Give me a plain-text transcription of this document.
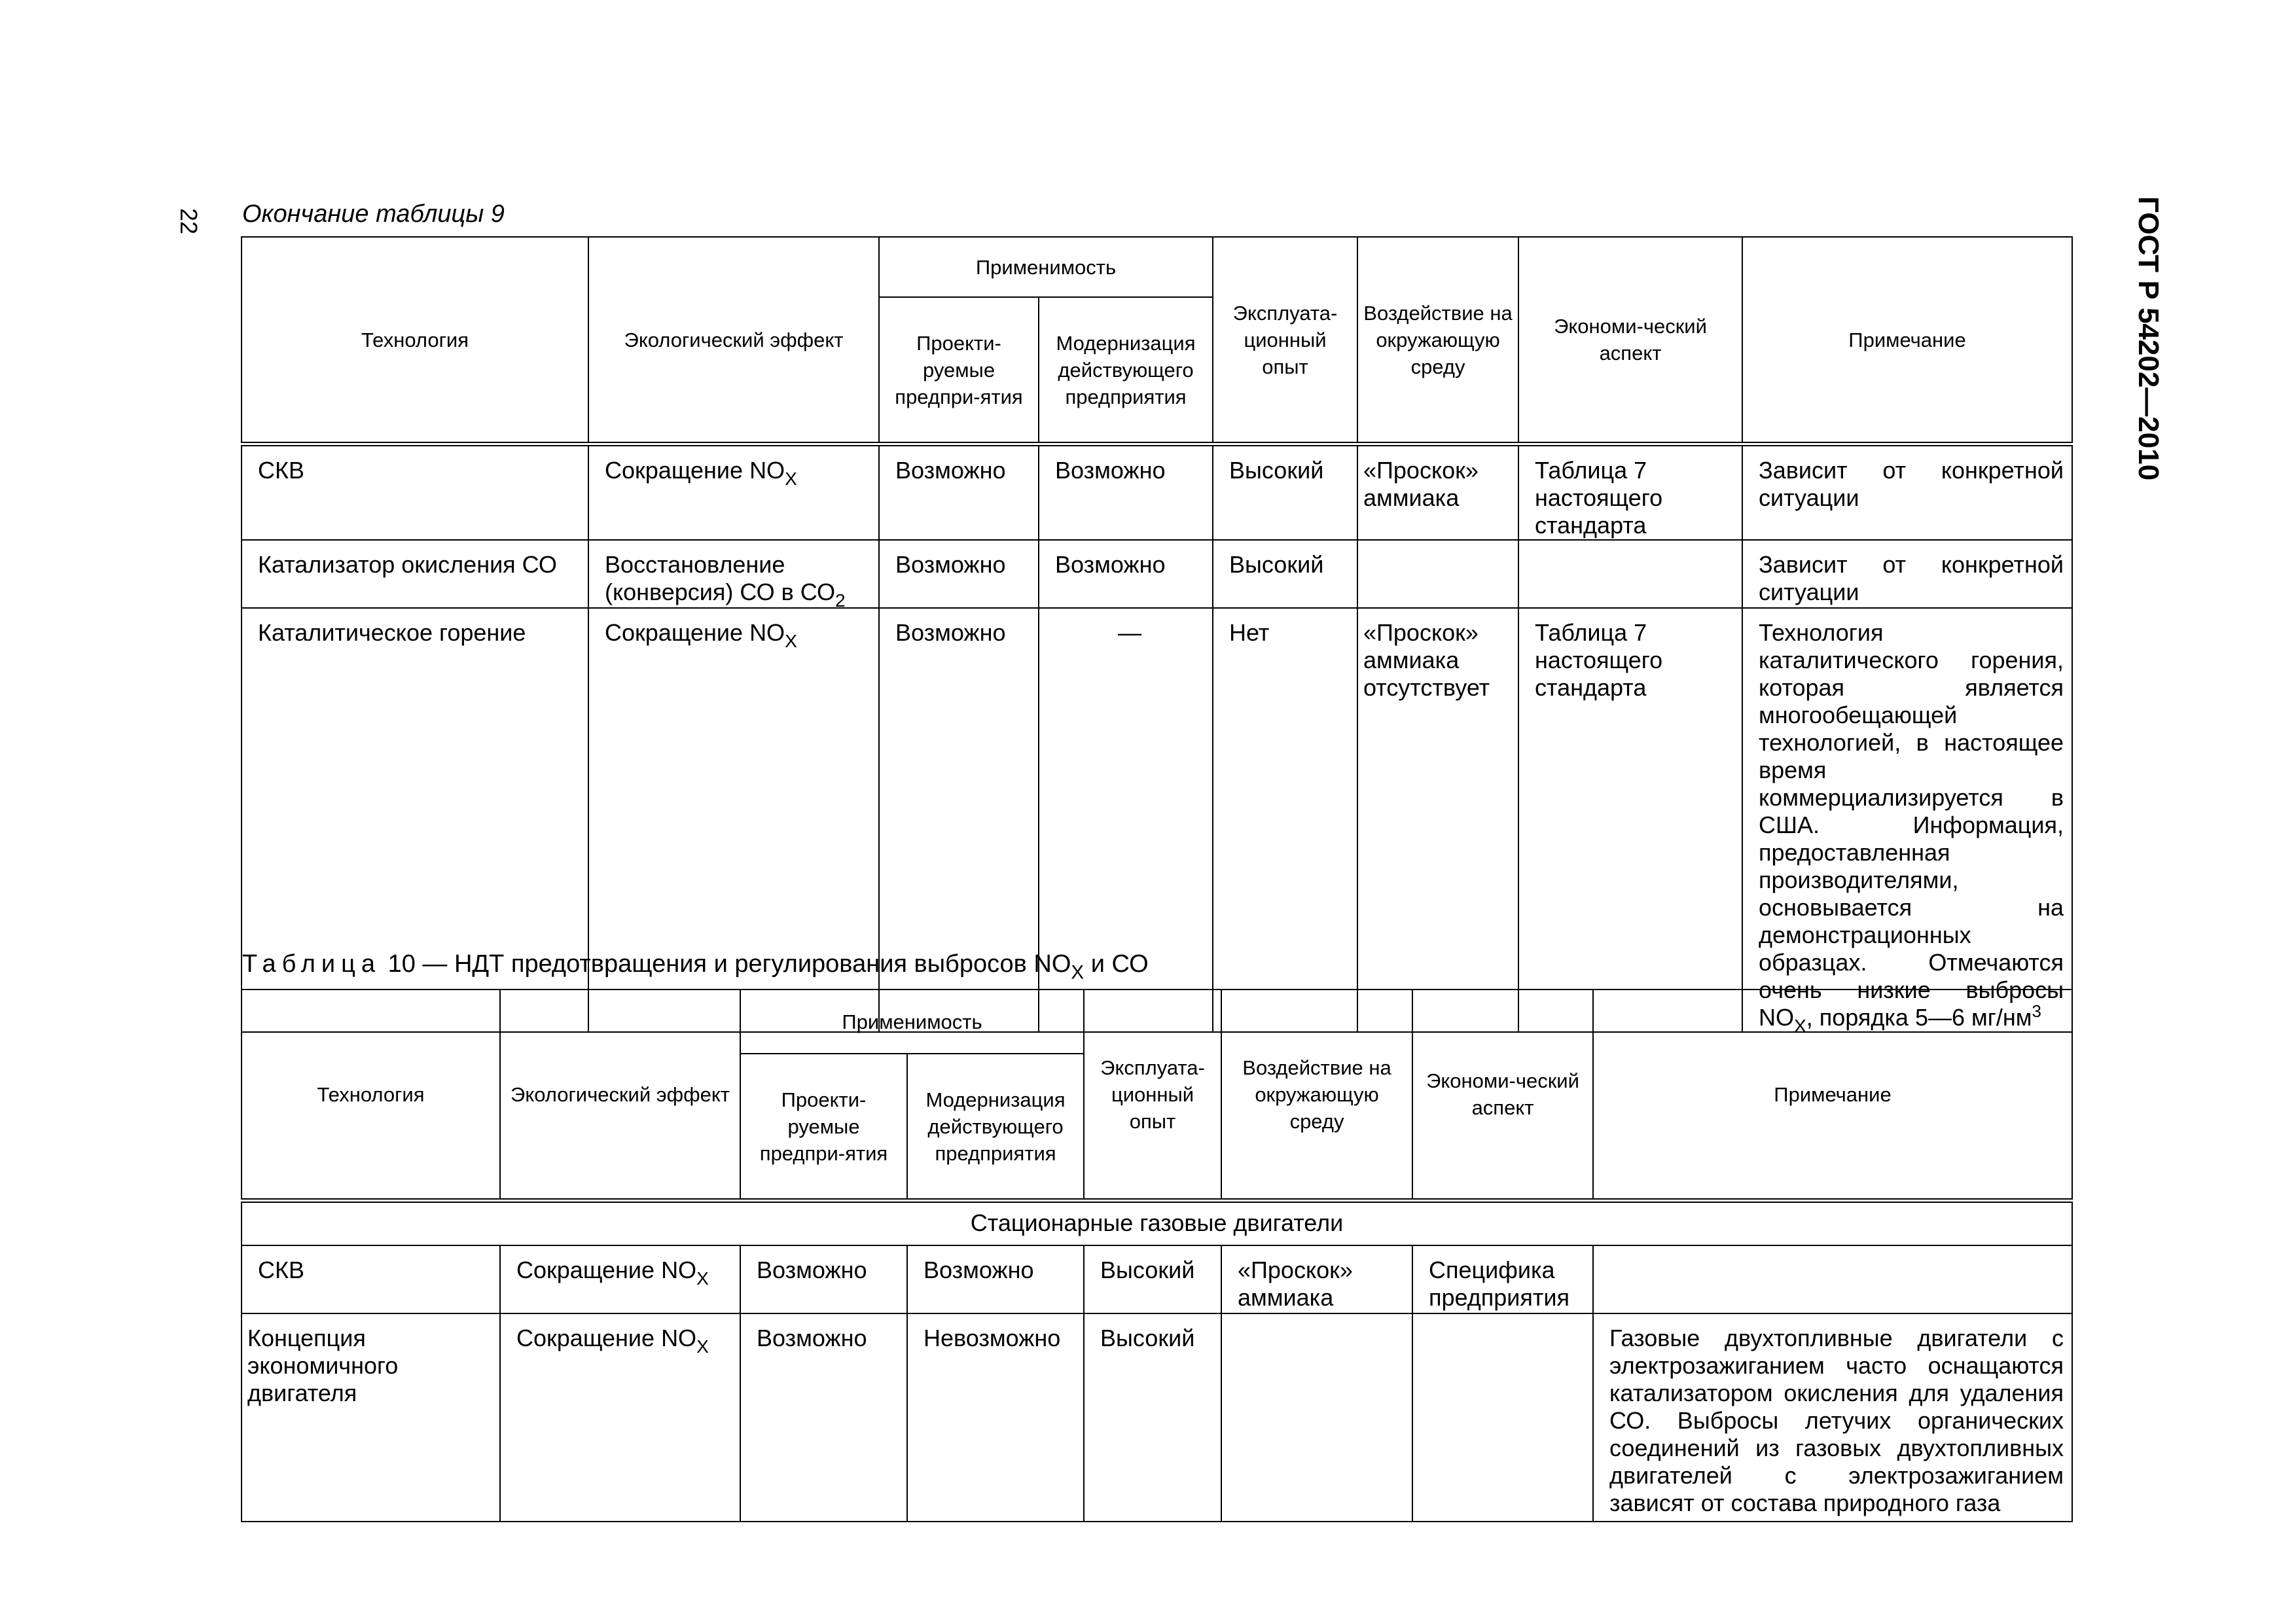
22	ГОСТ Р 54202—2010
Окончание таблицы 9
Технология	Экологический эффект	Применимость		Эксплуата-ционный опыт	Воздействие на окружающую среду	Экономи-ческий аспект	Примечание
		Проекти-руемые предпри-ятия	Модернизация действующего предприятия				
СКВ	Сокращение $NO_X$	Возможно	Возможно	Высокий	«Проскок» аммиака	Таблица 7 настоящего стандарта	Зависит от конкретной ситуации
Катализатор окисления СО	Восстановление (конверсия) СО в $СО_2$	Возможно	Возможно	Высокий			Зависит от конкретной ситуации
Каталитическое горение	Сокращение $NO_X$	Возможно	—	Нет	«Проскок» аммиака отсутствует	Таблица 7 настоящего стандарта	Технология каталитического горения, которая является многообещающей технологией, в настоящее время коммерциализируется в США. Информация, предоставленная производителями, основывается на демонстрационных образцах. Отмечаются очень низкие выбросы $NO_X$, порядка 5—6 $мг/нм^3$
Таблица 10 — НДТ предотвращения и регулирования выбросов $NO_X$ и СО
Технология	Экологический эффект	Применимость		Эксплуата-ционный опыт	Воздействие на окружающую среду	Экономи-ческий аспект	Примечание
		Проекти-руемые предпри-ятия	Модернизация действующего предприятия				
Стационарные газовые двигатели							
СКВ	Сокращение $NO_X$	Возможно	Возможно	Высокий	«Проскок» аммиака	Специфика предприятия	
Концепция экономичного двигателя	Сокращение $NO_X$	Возможно	Невозможно	Высокий			Газовые двухтопливные двигатели с электрозажиганием часто оснащаются катализатором окисления для удаления СО. Выбросы летучих органических соединений из газовых двухтопливных двигателей с электрозажиганием зависят от состава природного газа
